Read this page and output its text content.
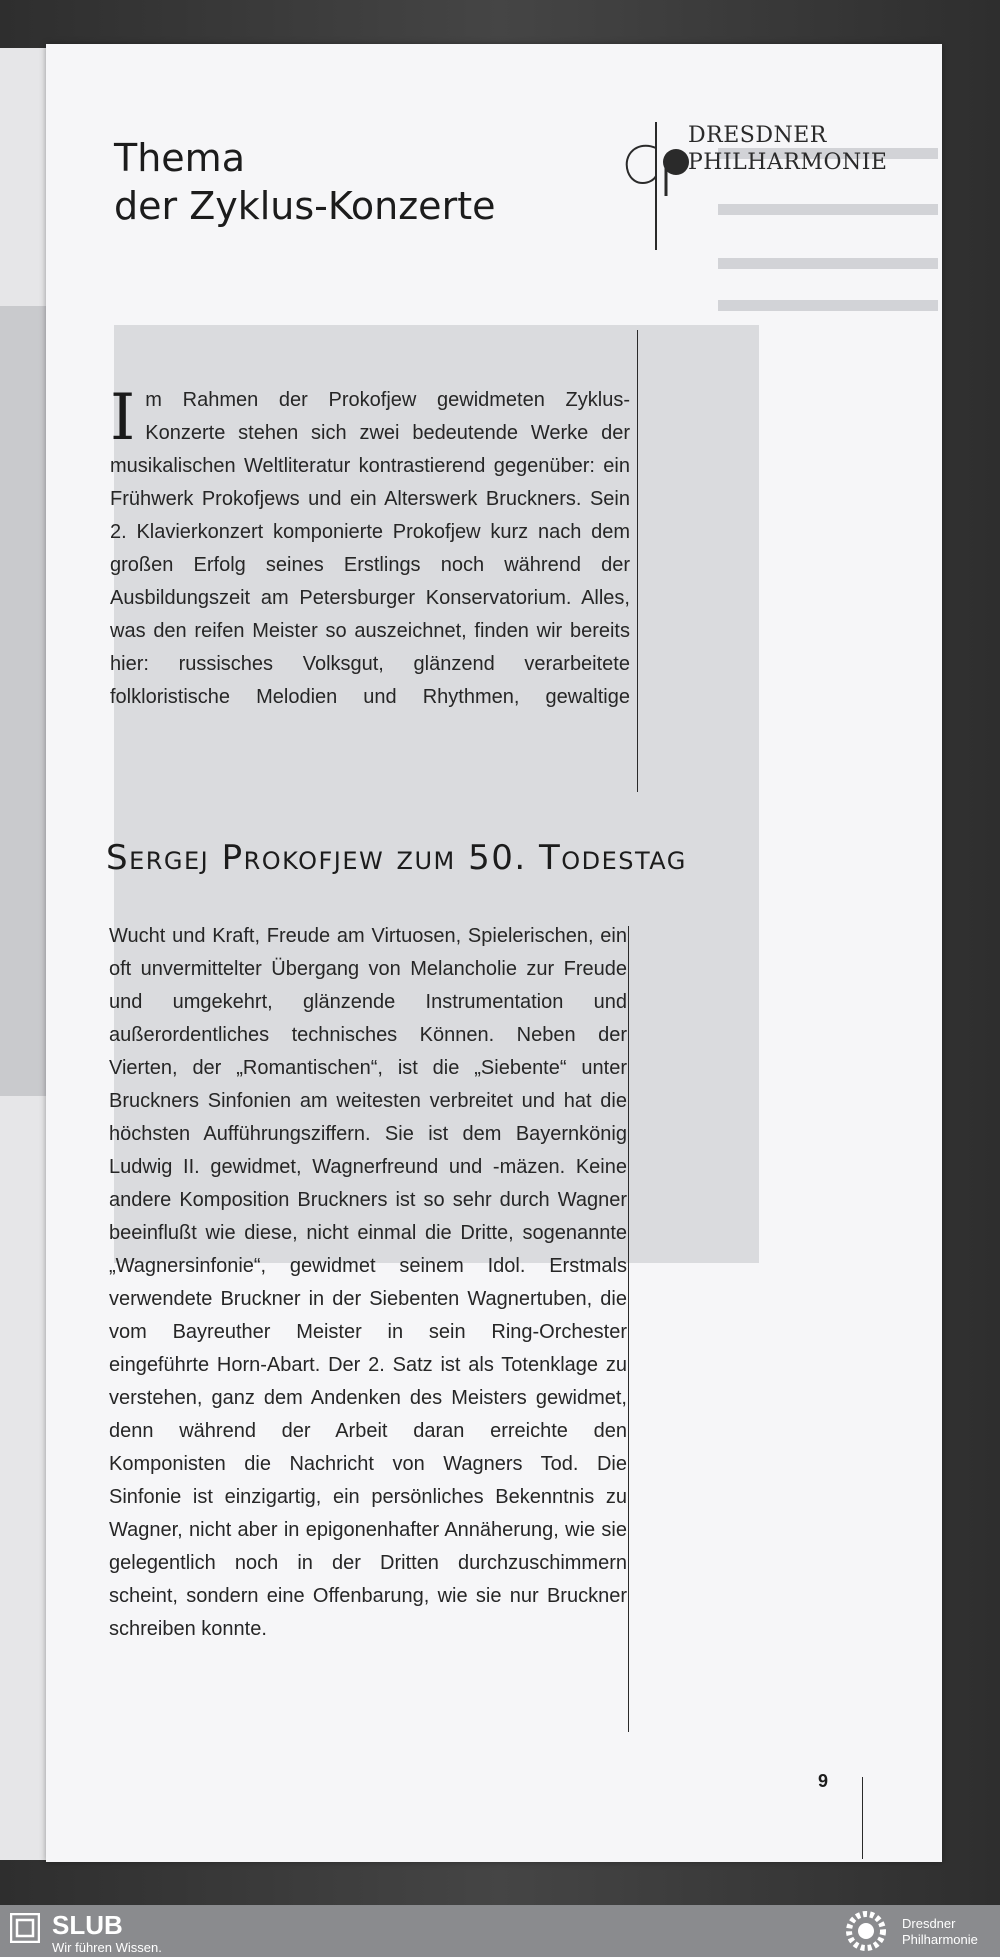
Thema
der Zyklus-Konzerte
DRESDNER
PHILHARMONIE
Im Rahmen der Prokofjew gewidmeten Zyklus-Konzerte stehen sich zwei bedeutende Werke der musikalischen Weltliteratur kontrastierend gegenüber: ein Frühwerk Prokofjews und ein Alterswerk Bruckners. Sein 2. Klavierkonzert komponierte Prokofjew kurz nach dem großen Erfolg seines Erstlings noch während der Ausbildungszeit am Petersburger Konservatorium. Alles, was den reifen Meister so auszeichnet, finden wir bereits hier: russisches Volksgut, glänzend verarbeitete folkloristische Melodien und Rhythmen, gewaltige
Sergej Prokofjew zum 50. Todestag

Wucht und Kraft, Freude am Virtuosen, Spielerischen, ein oft unvermittelter Übergang von Melancholie zur Freude und umgekehrt, glänzende Instrumentation und außerordentliches technisches Können. Neben der Vierten, der „Romantischen“, ist die „Siebente“ unter Bruckners Sinfonien am weitesten verbreitet und hat die höchsten Aufführungsziffern. Sie ist dem Bayernkönig Ludwig II. gewidmet, Wagnerfreund und -mäzen. Keine andere Komposition Bruckners ist so sehr durch Wagner beeinflußt wie diese, nicht einmal die Dritte, sogenannte „Wagnersinfonie“, gewidmet seinem Idol. Erstmals verwendete Bruckner in der Siebenten Wagnertuben, die vom Bayreuther Meister in sein Ring-Orchester eingeführte Horn-Abart. Der 2. Satz ist als Totenklage zu verstehen, ganz dem Andenken des Meisters gewidmet, denn während der Arbeit daran erreichte den Komponisten die Nachricht von Wagners Tod. Die Sinfonie ist einzigartig, ein persönliches Bekenntnis zu Wagner, nicht aber in epigonenhafter Annäherung, wie sie gelegentlich noch in der Dritten durchzuschimmern scheint, sondern eine Offenbarung, wie sie nur Bruckner schreiben konnte.

9
SLUB
Wir führen Wissen.
Dresdner
Philharmonie
